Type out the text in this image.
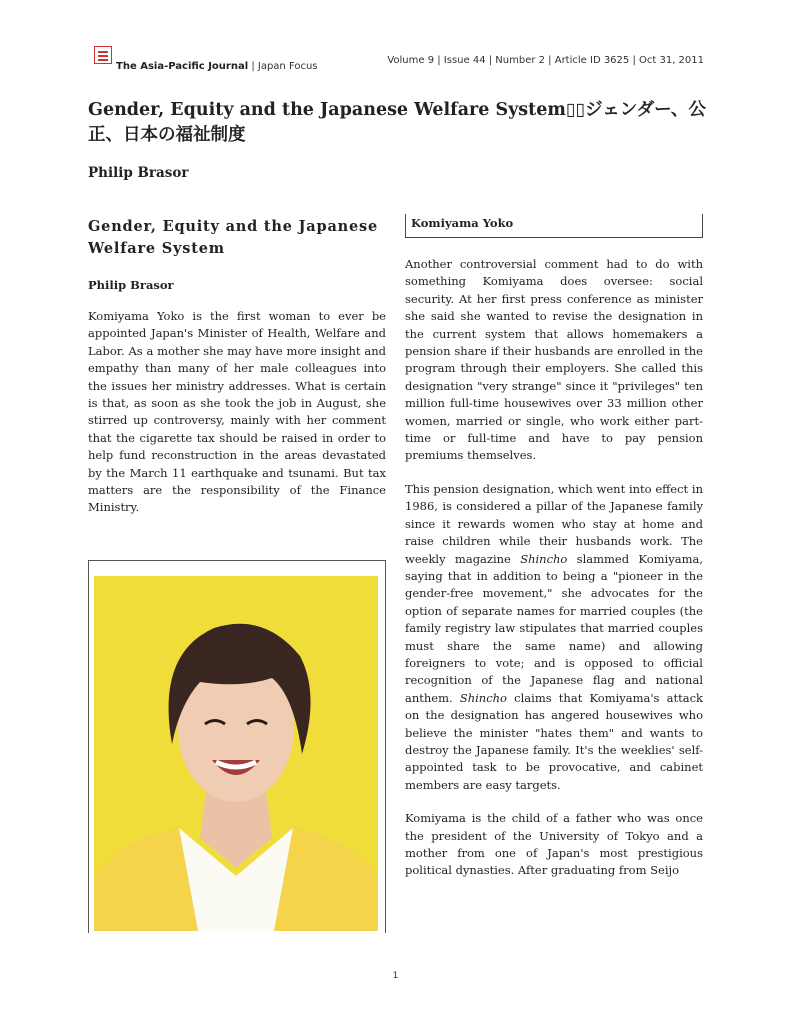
The Asia-Pacific Journal | Japan Focus
Volume 9 | Issue 44 | Number 2 | Article ID 3625 | Oct 31, 2011
Gender, Equity and the Japanese Welfare System▯▯ジェンダー、公正、日本の福祉制度
Philip Brasor
Gender, Equity and the Japanese Welfare System

Philip Brasor

Komiyama Yoko is the first woman to ever be appointed Japan's Minister of Health, Welfare and Labor. As a mother she may have more insight and empathy than many of her male colleagues into the issues her ministry addresses. What is certain is that, as soon as she took the job in August, she stirred up controversy, mainly with her comment that the cigarette tax should be raised in order to help fund reconstruction in the areas devastated by the March 11 earthquake and tsunami. But tax matters are the responsibility of the Finance Ministry.

Komiyama Yoko

Another controversial comment had to do with something Komiyama does oversee: social security. At her first press conference as minister she said she wanted to revise the designation in the current system that allows homemakers a pension share if their husbands are enrolled in the program through their employers. She called this designation "very strange" since it "privileges" ten million full-time housewives over 33 million other women, married or single, who work either part-time or full-time and have to pay pension premiums themselves.

This pension designation, which went into effect in 1986, is considered a pillar of the Japanese family since it rewards women who stay at home and raise children while their husbands work. The weekly magazine Shincho slammed Komiyama, saying that in addition to being a "pioneer in the gender-free movement," she advocates for the option of separate names for married couples (the family registry law stipulates that married couples must share the same name) and allowing foreigners to vote; and is opposed to official recognition of the Japanese flag and national anthem. Shincho claims that Komiyama's attack on the designation has angered housewives who believe the minister "hates them" and wants to destroy the Japanese family. It's the weeklies' self-appointed task to be provocative, and cabinet members are easy targets.

Komiyama is the child of a father who was once the president of the University of Tokyo and a mother from one of Japan's most prestigious political dynasties. After graduating from Seijo

1
